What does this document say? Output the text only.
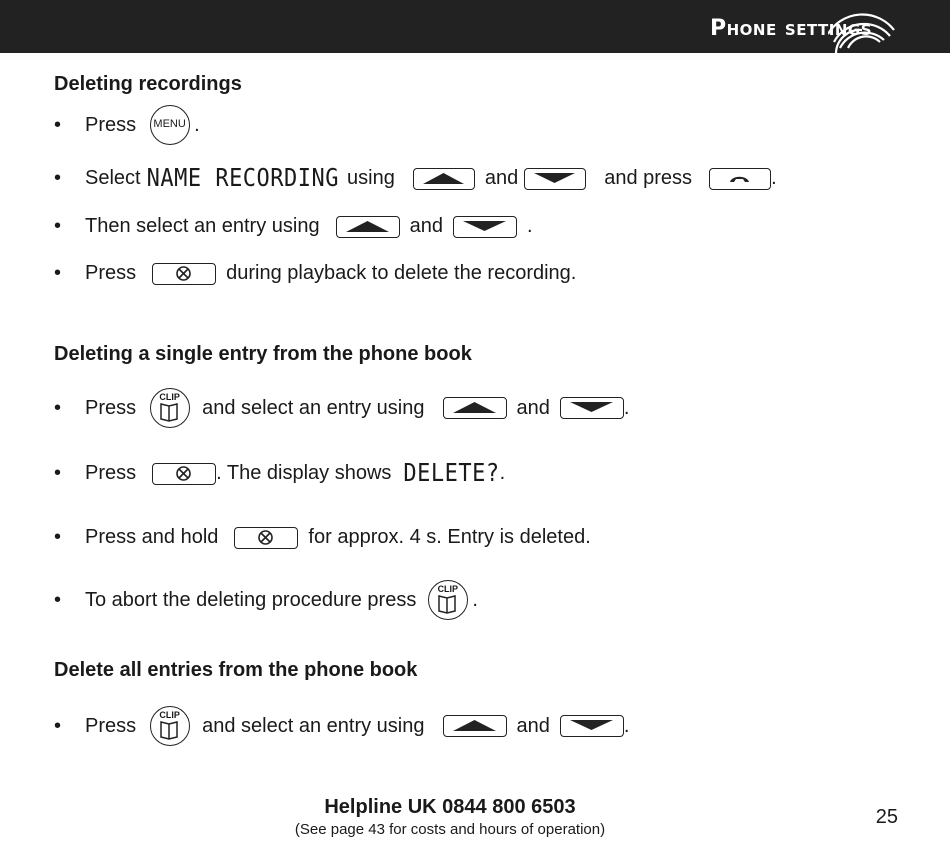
Phone settings
Deleting recordings
•	Press MENU .
•	Select NAME RECORDING using	and	and press	.
•	Then select an entry using	and	.
•	Press	during playback to delete the recording.
Deleting a single entry from the phone book
•	Press	CLIP	and select an entry using	and	.
•	Press	. The display shows DELETE? .
•	Press and hold	for approx. 4 s. Entry is deleted.
•	To abort the deleting procedure press	CLIP .
Delete all entries from the phone book
•	Press	CLIP	and select an entry using	and	.
Helpline UK 0844 800 6503
(See page 43 for costs and hours of operation)
25
